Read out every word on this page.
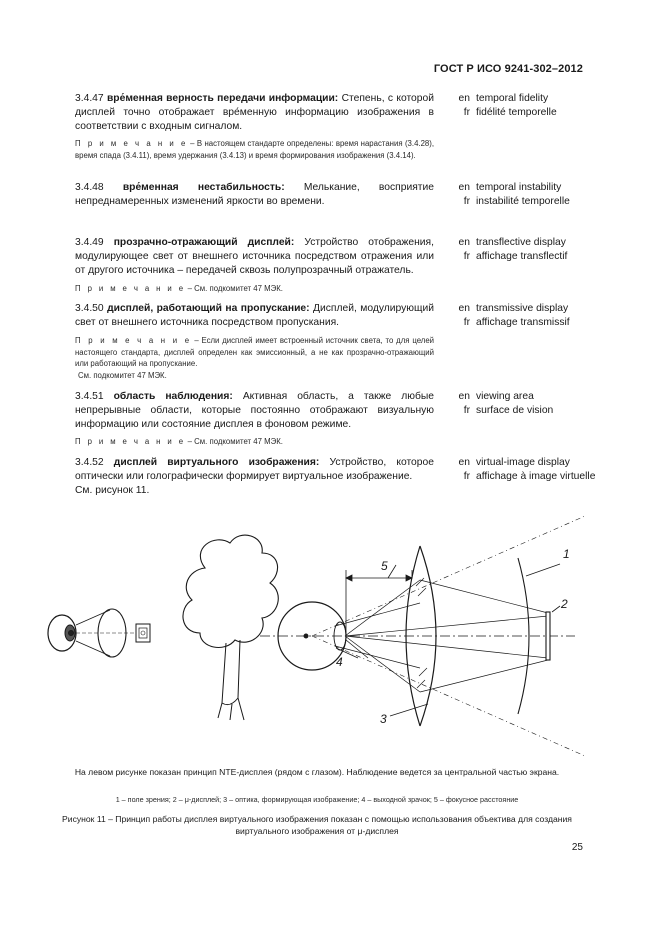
ГОСТ Р ИСО 9241-302–2012
3.4.47 вре́менная верность передачи информации: Степень, с которой дисплей точно отображает вре́менную информацию изображения в соответствии с входным сигналом.
П р и м е ч а н и е – В настоящем стандарте определены: время нарастания (3.4.28), время спада (3.4.11), время удержания (3.4.13) и время формирования изображения (3.4.14).
en temporal fidelity
fr fidélité temporelle
3.4.48 вре́менная нестабильность: Мелькание, восприятие непреднамеренных изменений яркости во времени.
en temporal instability
fr instabilité temporelle
3.4.49 прозрачно-отражающий дисплей: Устройство отображения, модулирующее свет от внешнего источника посредством отражения или от другого источника – передачей сквозь полупрозрачный отражатель.
П р и м е ч а н и е – См. подкомитет 47 МЭК.
en transflective display
fr affichage transflectif
3.4.50 дисплей, работающий на пропускание: Дисплей, модулирующий свет от внешнего источника посредством пропускания.
П р и м е ч а н и е – Если дисплей имеет встроенный источник света, то для целей настоящего стандарта, дисплей определен как эмиссионный, а не как прозрачно-отражающий или работающий на пропускание.
См. подкомитет 47 МЭК.
en transmissive display
fr affichage transmissif
3.4.51 область наблюдения: Активная область, а также любые непрерывные области, которые постоянно отображают визуальную информацию или состояние дисплея в фоновом режиме.
П р и м е ч а н и е – См. подкомитет 47 МЭК.
en viewing area
fr surface de vision
3.4.52 дисплей виртуального изображения: Устройство, которое оптически или голографически формирует виртуальное изображение.
См. рисунок 11.
en virtual-image display
fr affichage à image virtuelle
1
2
3
4
5
На левом рисунке показан принцип NTE-дисплея (рядом с глазом). Наблюдение ведется за центральной частью экрана.
1 – поле зрения; 2 – μ-дисплей; 3 – оптика, формирующая изображение; 4 – выходной зрачок; 5 – фокусное расстояние
Рисунок 11 – Принцип работы дисплея виртуального изображения показан с помощью использования объектива для создания виртуального изображения от μ-дисплея
25
